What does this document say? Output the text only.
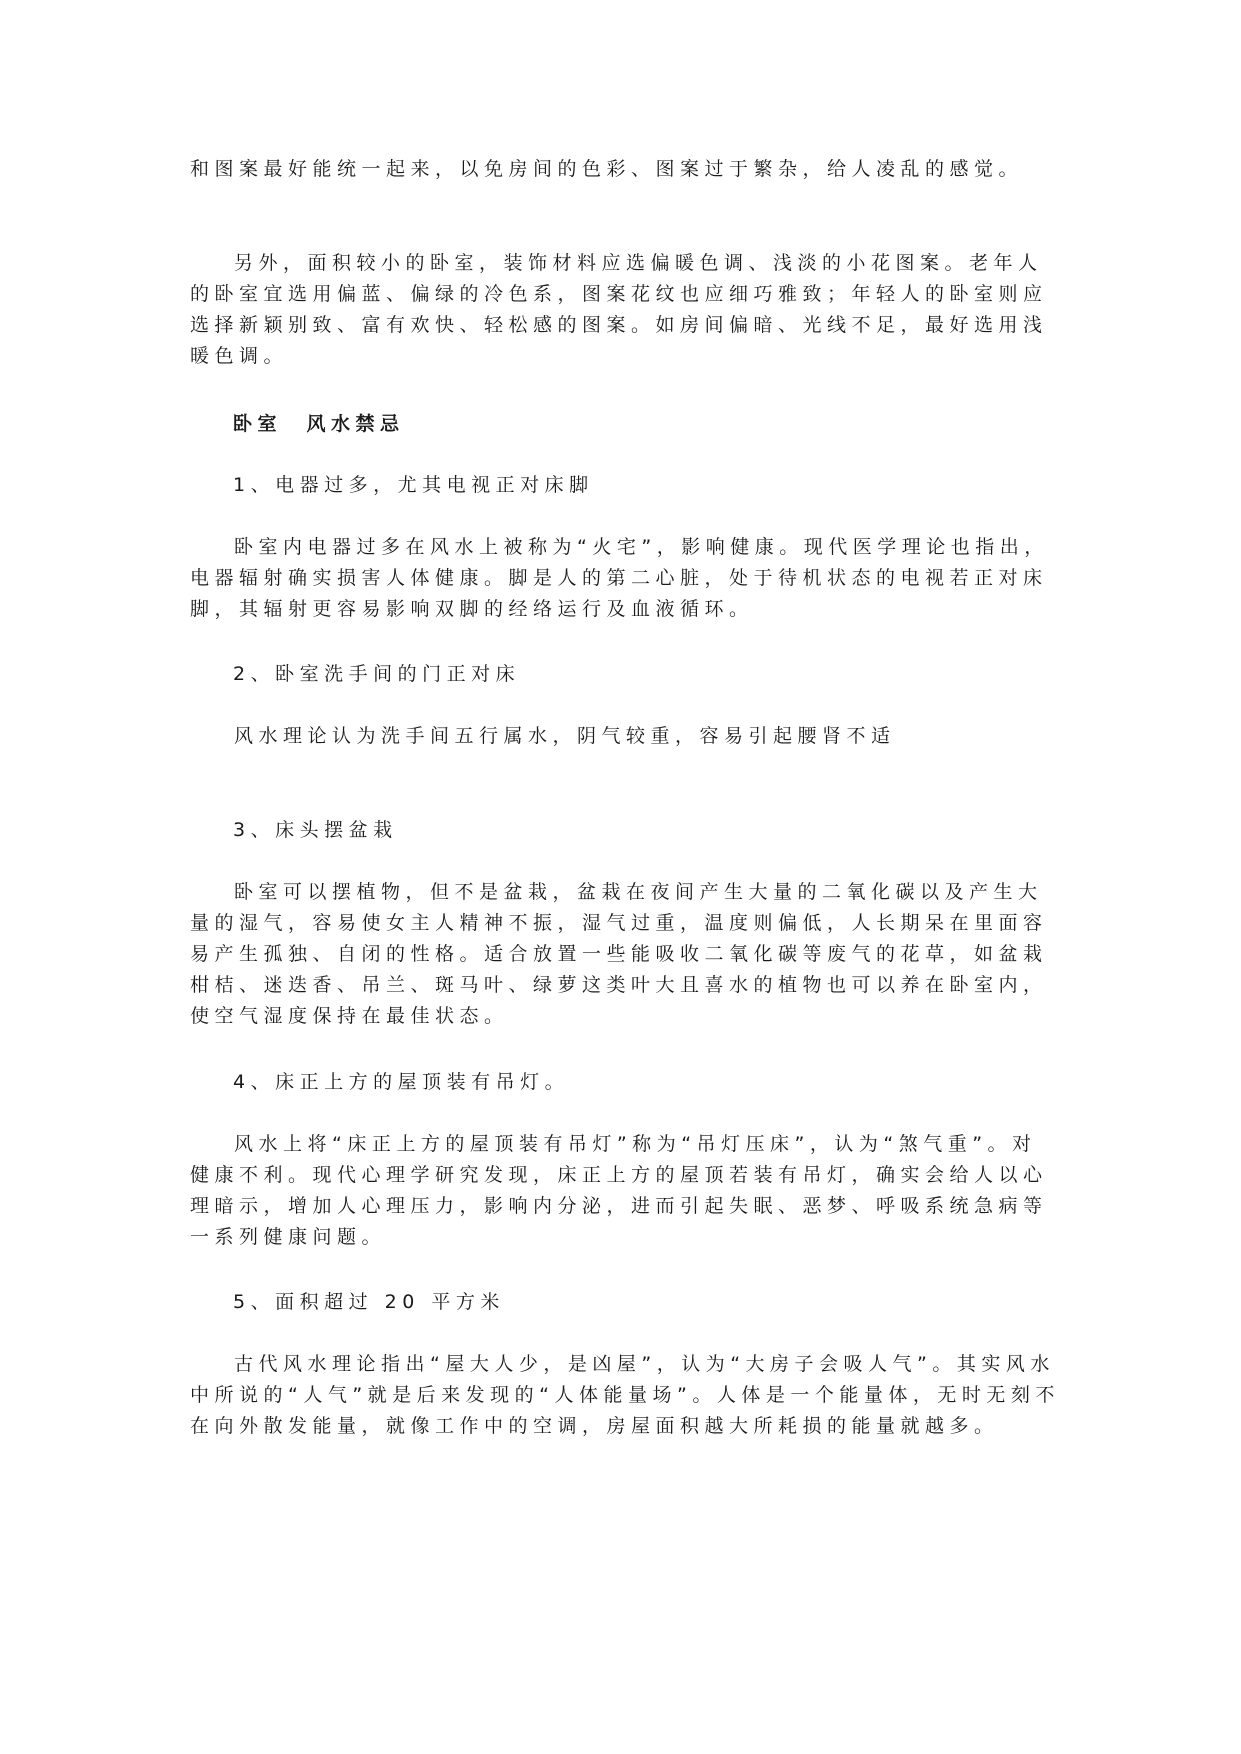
和图案最好能统一起来，以免房间的色彩、图案过于繁杂，给人凌乱的感觉。

另外，面积较小的卧室，装饰材料应选偏暖色调、浅淡的小花图案。老年人的卧室宜选用偏蓝、偏绿的冷色系，图案花纹也应细巧雅致；年轻人的卧室则应选择新颖别致、富有欢快、轻松感的图案。如房间偏暗、光线不足，最好选用浅暖色调。

卧室　风水禁忌

1、电器过多，尤其电视正对床脚

卧室内电器过多在风水上被称为“火宅”，影响健康。现代医学理论也指出，电器辐射确实损害人体健康。脚是人的第二心脏，处于待机状态的电视若正对床脚，其辐射更容易影响双脚的经络运行及血液循环。

2、卧室洗手间的门正对床

风水理论认为洗手间五行属水，阴气较重，容易引起腰肾不适

3、床头摆盆栽

卧室可以摆植物，但不是盆栽，盆栽在夜间产生大量的二氧化碳以及产生大量的湿气，容易使女主人精神不振，湿气过重，温度则偏低，人长期呆在里面容易产生孤独、自闭的性格。适合放置一些能吸收二氧化碳等废气的花草，如盆栽柑桔、迷迭香、吊兰、斑马叶、绿萝这类叶大且喜水的植物也可以养在卧室内，使空气湿度保持在最佳状态。

4、床正上方的屋顶装有吊灯。

风水上将“床正上方的屋顶装有吊灯”称为“吊灯压床”，认为“煞气重”。对健康不利。现代心理学研究发现，床正上方的屋顶若装有吊灯，确实会给人以心理暗示，增加人心理压力，影响内分泌，进而引起失眠、恶梦、呼吸系统急病等一系列健康问题。

5、面积超过 20 平方米

古代风水理论指出“屋大人少，是凶屋”，认为“大房子会吸人气”。其实风水中所说的“人气”就是后来发现的“人体能量场”。人体是一个能量体，无时无刻不在向外散发能量，就像工作中的空调，房屋面积越大所耗损的能量就越多。
